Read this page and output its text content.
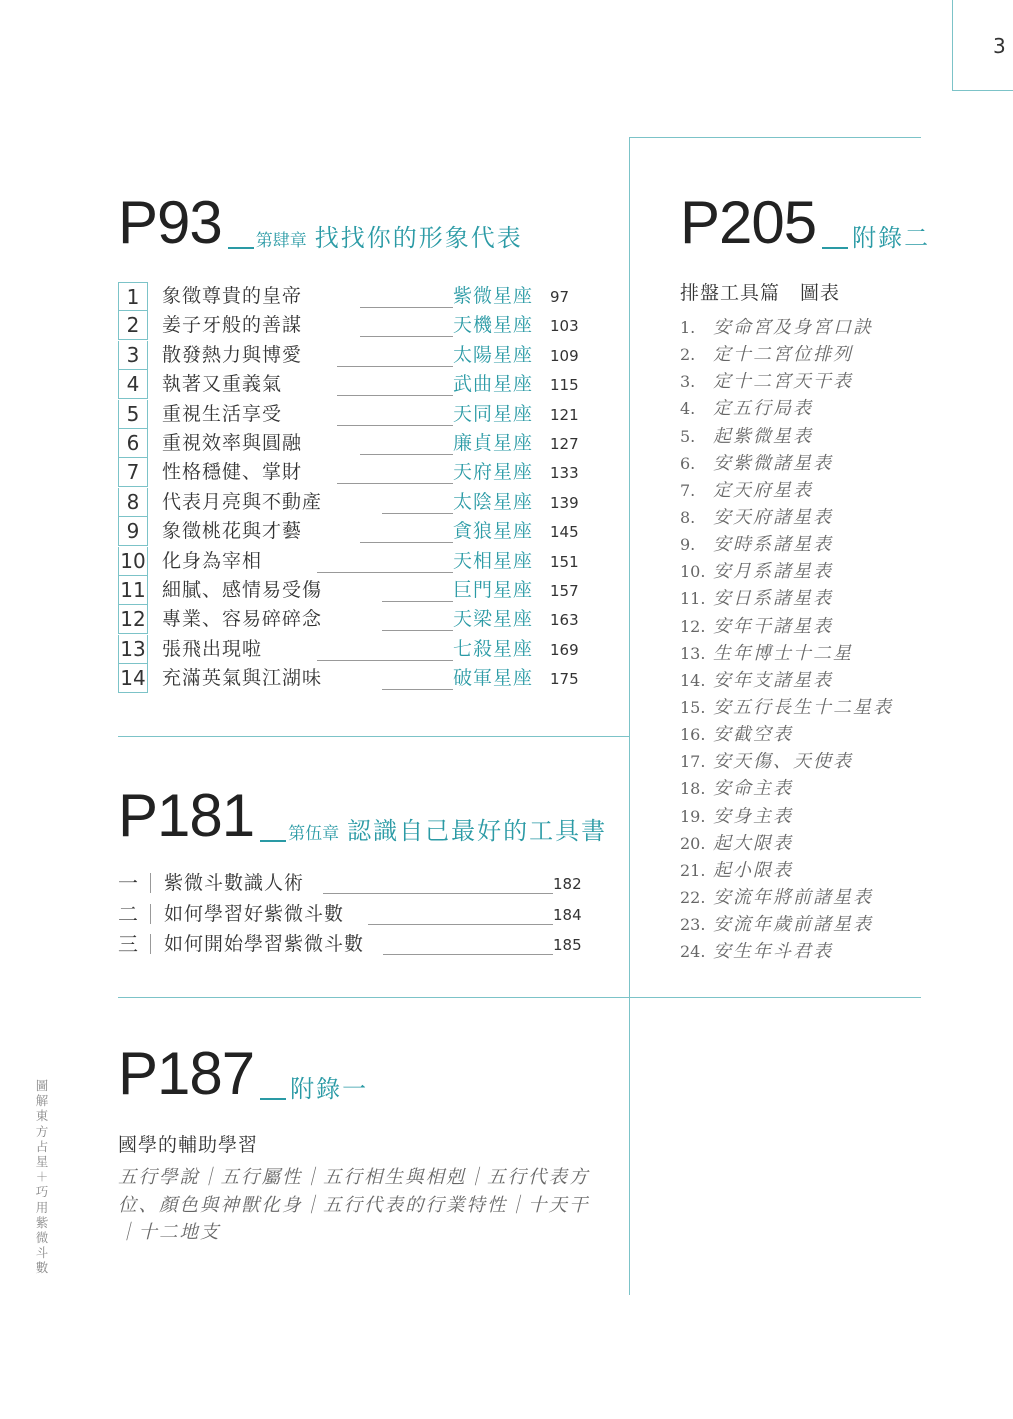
3
P93 第肆章 找找你的形象代表
1	象徵尊貴的皇帝	紫微星座 97
2	姜子牙般的善謀	天機星座 103
3	散發熱力與博愛	太陽星座 109
4	執著又重義氣	武曲星座 115
5	重視生活享受	天同星座 121
6	重視效率與圓融	廉貞星座 127
7	性格穩健、掌財	天府星座 133
8	代表月亮與不動產	太陰星座 139
9	象徵桃花與才藝	貪狼星座 145
10 化身為宰相	天相星座 151
11 細膩、感情易受傷	巨門星座 157
12 專業、容易碎碎念	天梁星座 163
13 張飛出現啦	七殺星座 169
14 充滿英氣與江湖味	破軍星座 175
P181 第伍章 認識自己最好的工具書
一 紫微斗數識人術	182
二 如何學習好紫微斗數	184
三 如何開始學習紫微斗數	185
P187 附錄一
國學的輔助學習
五行學說｜五行屬性｜五行相生與相剋｜五行代表方位、顏色與神獸化身｜五行代表的行業特性｜十天干｜十二地支
P205 附錄二
排盤工具篇　圖表
1. 安命宮及身宮口訣
2. 定十二宮位排列
3. 定十二宮天干表
4. 定五行局表
5. 起紫微星表
6. 安紫微諸星表
7. 定天府星表
8. 安天府諸星表
9. 安時系諸星表
10. 安月系諸星表
11. 安日系諸星表
12. 安年干諸星表
13. 生年博士十二星
14. 安年支諸星表
15. 安五行長生十二星表
16. 安截空表
17. 安天傷、天使表
18. 安命主表
19. 安身主表
20. 起大限表
21. 起小限表
22. 安流年將前諸星表
23. 安流年歲前諸星表
24. 安生年斗君表
圖解東方占星＋巧用紫微斗數
